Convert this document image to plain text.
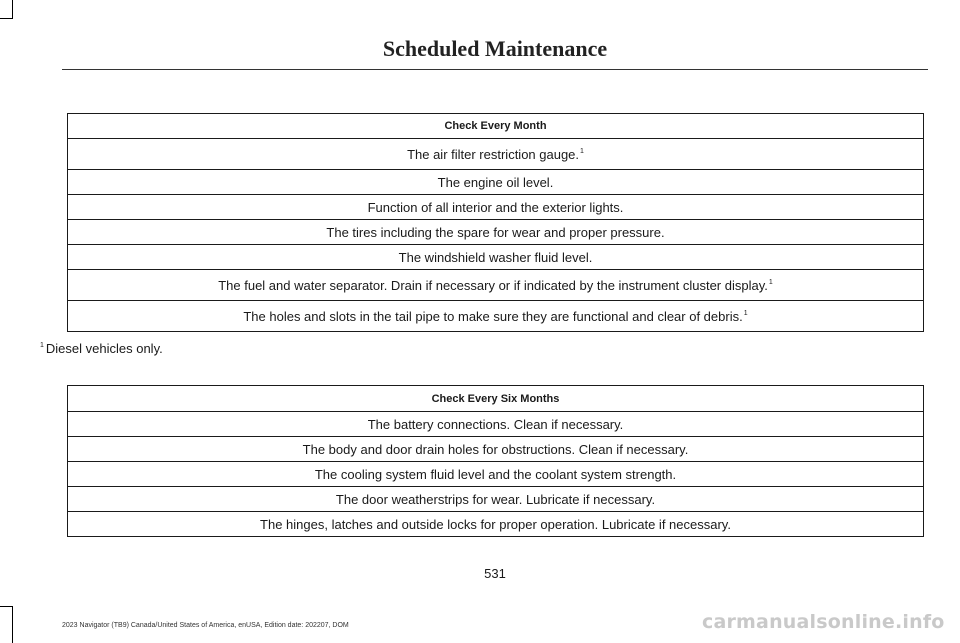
Scheduled Maintenance
Check Every Month
The air filter restriction gauge.$^1$
The engine oil level.
Function of all interior and the exterior lights.
The tires including the spare for wear and proper pressure.
The windshield washer fluid level.
The fuel and water separator. Drain if necessary or if indicated by the instrument cluster display.$^1$
The holes and slots in the tail pipe to make sure they are functional and clear of debris.$^1$
$^1$ Diesel vehicles only.
Check Every Six Months
The battery connections. Clean if necessary.
The body and door drain holes for obstructions. Clean if necessary.
The cooling system fluid level and the coolant system strength.
The door weatherstrips for wear. Lubricate if necessary.
The hinges, latches and outside locks for proper operation. Lubricate if necessary.
531
2023 Navigator (TB9) Canada/United States of America, enUSA, Edition date: 202207, DOM	carmanualsonline.info
